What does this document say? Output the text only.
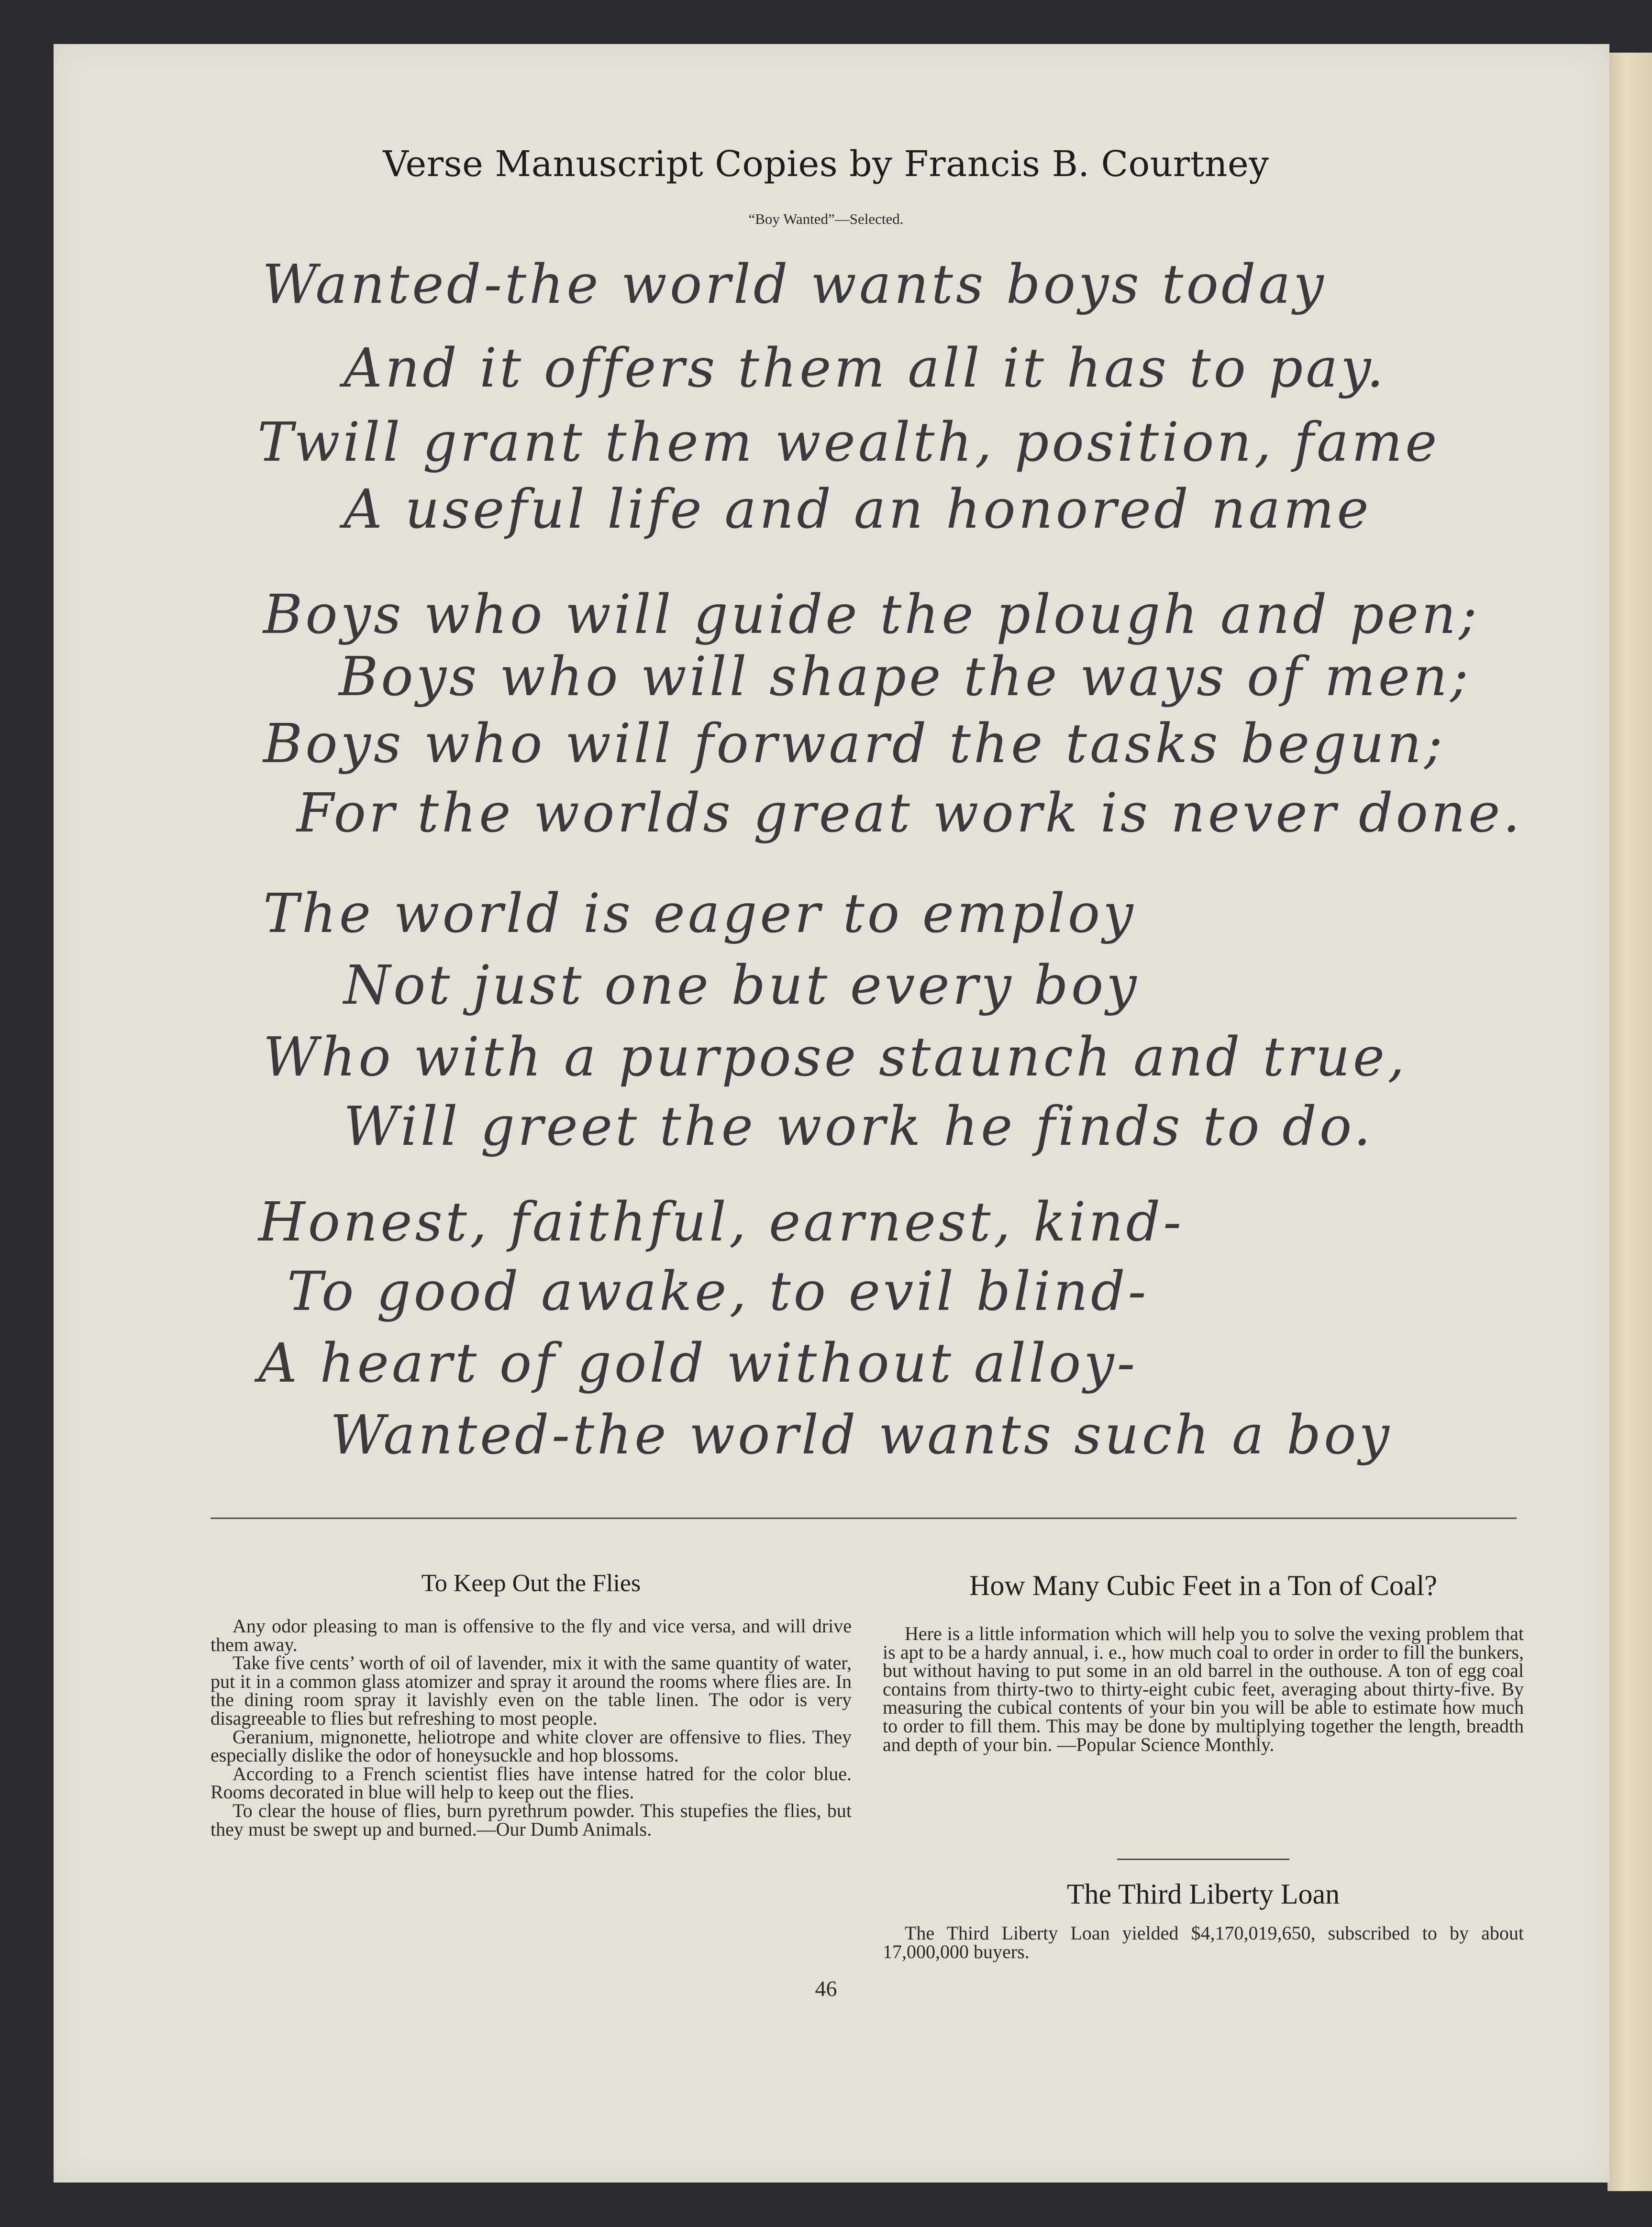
Verse Manuscript Copies by Francis B. Courtney
“Boy Wanted”—Selected.
Wanted-the world wants boys today
And it offers them all it has to pay.
Twill grant them wealth, position, fame
A useful life and an honored name
Boys who will guide the plough and pen;
Boys who will shape the ways of men;
Boys who will forward the tasks begun;
For the worlds great work is never done.
The world is eager to employ
Not just one but every boy
Who with a purpose staunch and true,
Will greet the work he finds to do.
Honest, faithful, earnest, kind-
To good awake, to evil blind-
A heart of gold without alloy-
Wanted-the world wants such a boy
To Keep Out the Flies

Any odor pleasing to man is offensive to the fly and vice versa, and will drive them away.

Take five cents’ worth of oil of lavender, mix it with the same quantity of water, put it in a common glass atomizer and spray it around the rooms where flies are. In the dining room spray it lavishly even on the table linen. The odor is very disagreeable to flies but refreshing to most people.

Geranium, mignonette, heliotrope and white clover are offensive to flies. They especially dislike the odor of honeysuckle and hop blossoms.

According to a French scientist flies have intense hatred for the color blue. Rooms decorated in blue will help to keep out the flies.

To clear the house of flies, burn pyrethrum powder. This stupefies the flies, but they must be swept up and burned.—Our Dumb Animals.

How Many Cubic Feet in a Ton of Coal?

Here is a little information which will help you to solve the vexing problem that is apt to be a hardy annual, i. e., how much coal to order in order to fill the bunkers, but without having to put some in an old barrel in the outhouse. A ton of egg coal contains from thirty-two to thirty-eight cubic feet, averaging about thirty-five. By measuring the cubical contents of your bin you will be able to estimate how much to order to fill them. This may be done by multiplying together the length, breadth and depth of your bin. —Popular Science Monthly.

The Third Liberty Loan

The Third Liberty Loan yielded $4,170,019,650, subscribed to by about 17,000,000 buyers.

46
